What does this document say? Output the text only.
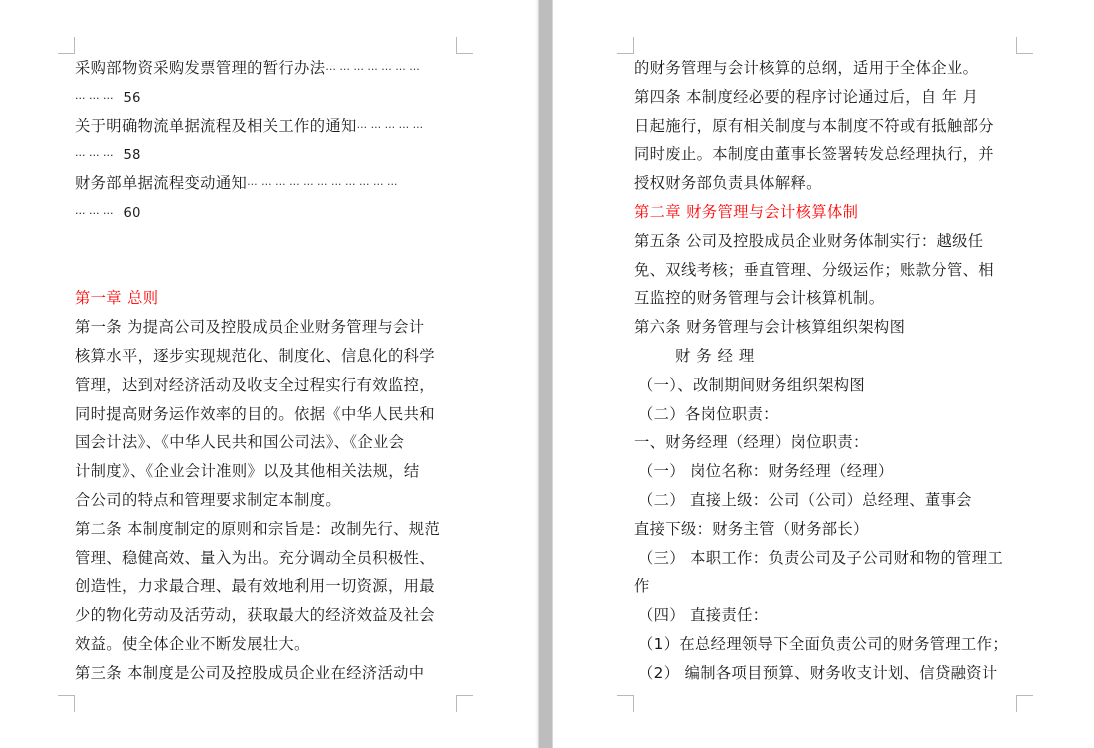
采购部物资采购发票管理的暂行办法··· ··· ··· ··· ··· ··· ···
··· ··· ··· 56
关于明确物流单据流程及相关工作的通知··· ··· ··· ··· ···
··· ··· ··· 58
财务部单据流程变动通知··· ··· ··· ··· ··· ··· ··· ··· ··· ··· ···
··· ··· ··· 60
第一章 总则
第一条 为提高公司及控股成员企业财务管理与会计
核算水平，逐步实现规范化、制度化、信息化的科学
管理，达到对经济活动及收支全过程实行有效监控，
同时提高财务运作效率的目的。依据《中华人民共和
国会计法》、《中华人民共和国公司法》、《企业会
计制度》、《企业会计准则》以及其他相关法规，结
合公司的特点和管理要求制定本制度。
第二条 本制度制定的原则和宗旨是：改制先行、规范
管理、稳健高效、量入为出。充分调动全员积极性、
创造性，力求最合理、最有效地利用一切资源，用最
少的物化劳动及活劳动，获取最大的经济效益及社会
效益。使全体企业不断发展壮大。
第三条 本制度是公司及控股成员企业在经济活动中
的财务管理与会计核算的总纲，适用于全体企业。
第四条 本制度经必要的程序讨论通过后，自 年 月
日起施行，原有相关制度与本制度不符或有抵触部分
同时废止。本制度由董事长签署转发总经理执行，并
授权财务部负责具体解释。
第二章 财务管理与会计核算体制
第五条 公司及控股成员企业财务体制实行：越级任
免、双线考核；垂直管理、分级运作；账款分管、相
互监控的财务管理与会计核算机制。
第六条 财务管理与会计核算组织架构图
财务经理
（一）、改制期间财务组织架构图
（二）各岗位职责：
一、财务经理（经理）岗位职责：
（一） 岗位名称：财务经理（经理）
（二） 直接上级：公司（公司）总经理、董事会
直接下级：财务主管（财务部长）
（三） 本职工作：负责公司及子公司财和物的管理工
作
（四） 直接责任：
（1）在总经理领导下全面负责公司的财务管理工作；
（2） 编制各项目预算、财务收支计划、信贷融资计
